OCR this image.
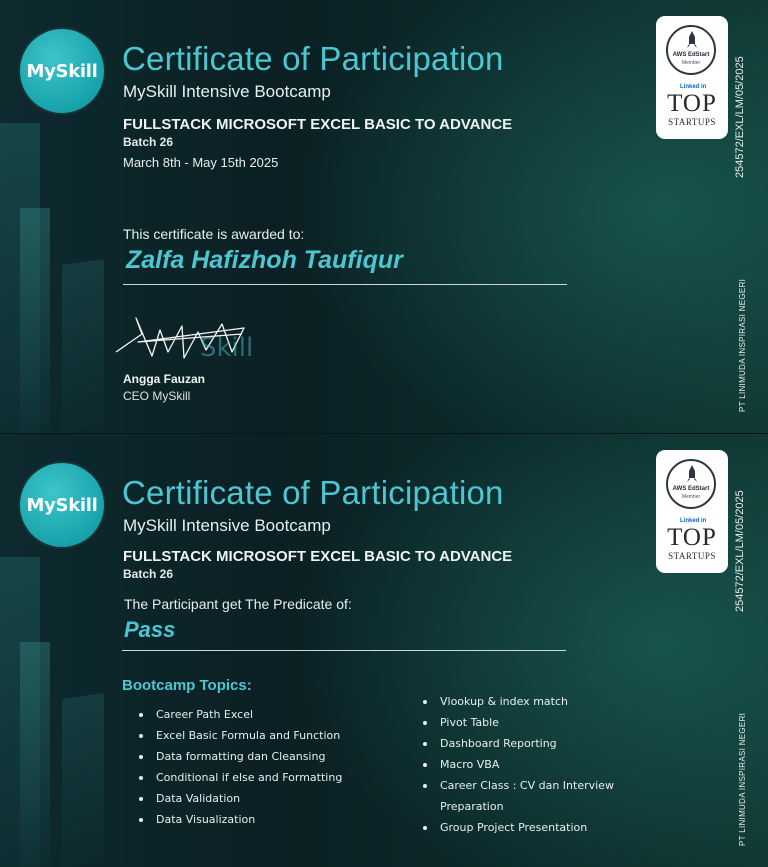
MySkill Certificate of Participation
MySkill Intensive Bootcamp
FULLSTACK MICROSOFT EXCEL BASIC TO ADVANCE
Batch 26
March 8th - May 15th 2025
This certificate is awarded to:
Zalfa Hafizhoh Taufiqur
Skill
Angga Fauzan
CEO MySkill
AWS EdStart
Member
Linked in
TOP
STARTUPS	254572/EXL/LM/05/2025
PT LINIMUDA INSPIRASI NEGERI
MySkill Certificate of Participation
MySkill Intensive Bootcamp
FULLSTACK MICROSOFT EXCEL BASIC TO ADVANCE
Batch 26
The Participant get The Predicate of:
Pass
Bootcamp Topics:
Career Path Excel
Excel Basic Formula and Function
Data formatting dan Cleansing
Conditional if else and Formatting
Data Validation
Data Visualization
Vlookup & index match
Pivot Table
Dashboard Reporting
Macro VBA
Career Class : CV dan Interview Preparation
Group Project Presentation
AWS EdStart
Member
Linked in
TOP
STARTUPS	254572/EXL/LM/05/2025
PT LINIMUDA INSPIRASI NEGERI
